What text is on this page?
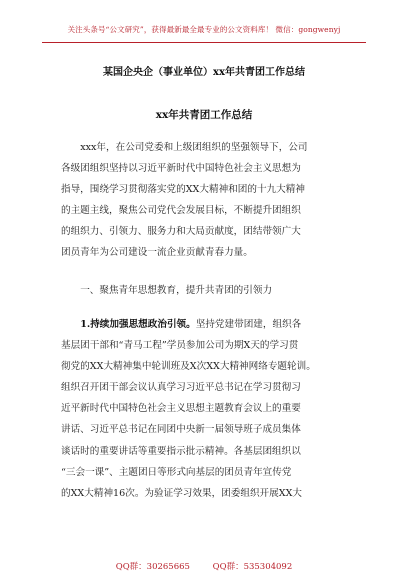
关注头条号“公文研究”，获得最新最全最专业的公文资料库！ 微信：gongwenyj
某国企央企（事业单位）xx年共青团工作总结
xx年共青团工作总结

xxx年，在公司党委和上级团组织的坚强领导下，公司

各级团组织坚持以习近平新时代中国特色社会主义思想为

指导，围绕学习贯彻落实党的XX大精神和团的十九大精神

的主题主线，聚焦公司党代会发展目标，不断提升团组织

的组织力、引领力、服务力和大局贡献度，团结带领广大

团员青年为公司建设一流企业贡献青春力量。

一、聚焦青年思想教育，提升共青团的引领力

1.持续加强思想政治引领。坚持党建带团建，组织各

基层团干部和“青马工程”学员参加公司为期X天的学习贯

彻党的XX大精神集中轮训班及X次XX大精神网络专题轮训。

组织召开团干部会议认真学习习近平总书记在学习贯彻习

近平新时代中国特色社会主义思想主题教育会议上的重要

讲话、习近平总书记在同团中央新一届领导班子成员集体

谈话时的重要讲话等重要指示批示精神。各基层团组织以

“三会一课”、主题团日等形式向基层的团员青年宣传党

的XX大精神16次。为验证学习效果，团委组织开展XX大

QQ群：30265665	QQ群：535304092
